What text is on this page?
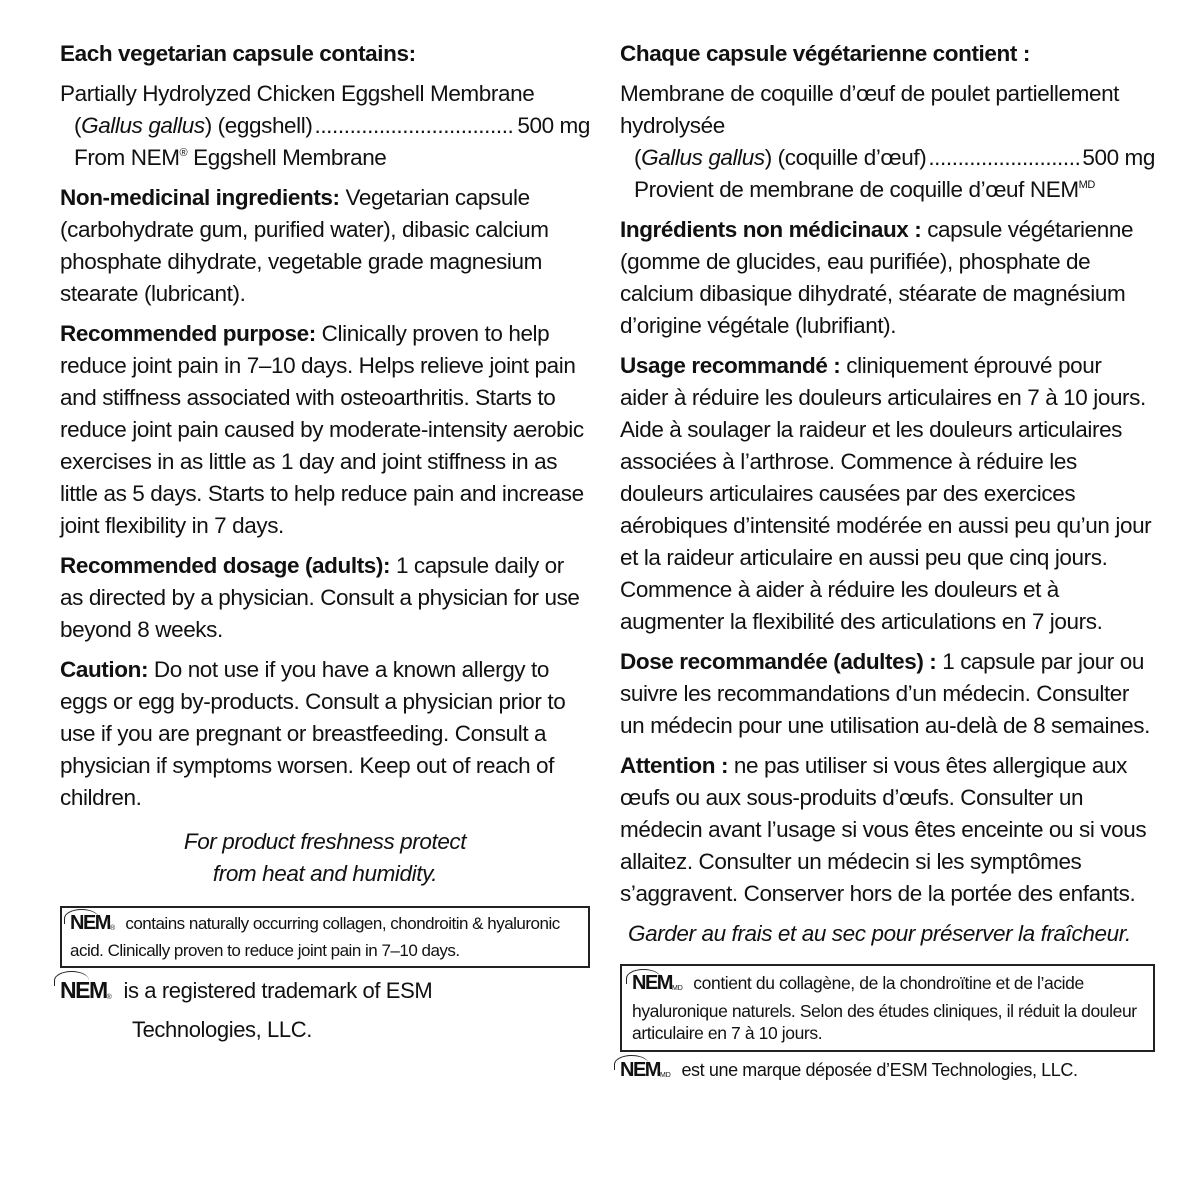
Each vegetarian capsule contains:
Partially Hydrolyzed Chicken Eggshell Membrane
(Gallus gallus) (eggshell) .....	500 mg
From NEM® Eggshell Membrane
Non-medicinal ingredients: Vegetarian capsule (carbohydrate gum, purified water), dibasic calcium phosphate dihydrate, vegetable grade magnesium stearate (lubricant).
Recommended purpose: Clinically proven to help reduce joint pain in 7–10 days. Helps relieve joint pain and stiffness associated with osteoarthritis. Starts to reduce joint pain caused by moderate-intensity aerobic exercises in as little as 1 day and joint stiffness in as little as 5 days. Starts to help reduce pain and increase joint flexibility in 7 days.
Recommended dosage (adults): 1 capsule daily or as directed by a physician. Consult a physician for use beyond 8 weeks.
Caution: Do not use if you have a known allergy to eggs or egg by-products. Consult a physician prior to use if you are pregnant or breastfeeding. Consult a physician if symptoms worsen. Keep out of reach of children.
For product freshness protect
from heat and humidity.
NEM® contains naturally occurring collagen, chondroitin & hyaluronic acid. Clinically proven to reduce joint pain in 7–10 days.
NEM® is a registered trademark of ESM
Technologies, LLC.
Chaque capsule végétarienne contient :
Membrane de coquille d’œuf de poulet partiellement hydrolysée
(Gallus gallus) (coquille d’œuf) .....	500 mg
Provient de membrane de coquille d’œuf $NEM^{MD}$
Ingrédients non médicinaux : capsule végétarienne (gomme de glucides, eau purifiée), phosphate de calcium dibasique dihydraté, stéarate de magnésium d’origine végétale (lubrifiant).
Usage recommandé : cliniquement éprouvé pour aider à réduire les douleurs articulaires en 7 à 10 jours. Aide à soulager la raideur et les douleurs articulaires associées à l’arthrose. Commence à réduire les douleurs articulaires causées par des exercices aérobiques d’intensité modérée en aussi peu qu’un jour et la raideur articulaire en aussi peu que cinq jours. Commence à aider à réduire les douleurs et à augmenter la flexibilité des articulations en 7 jours.
Dose recommandée (adultes) : 1 capsule par jour ou suivre les recommandations d’un médecin. Consulter un médecin pour une utilisation au-delà de 8 semaines.
Attention : ne pas utiliser si vous êtes allergique aux œufs ou aux sous-produits d’œufs. Consulter un médecin avant l’usage si vous êtes enceinte ou si vous allaitez. Consulter un médecin si les symptômes s’aggravent. Conserver hors de la portée des enfants.
Garder au frais et au sec pour préserver la fraîcheur.
NEMMD contient du collagène, de la chondroïtine et de l’acide hyaluronique naturels. Selon des études cliniques, il réduit la douleur articulaire en 7 à 10 jours.
NEMMD est une marque déposée d’ESM Technologies, LLC.
